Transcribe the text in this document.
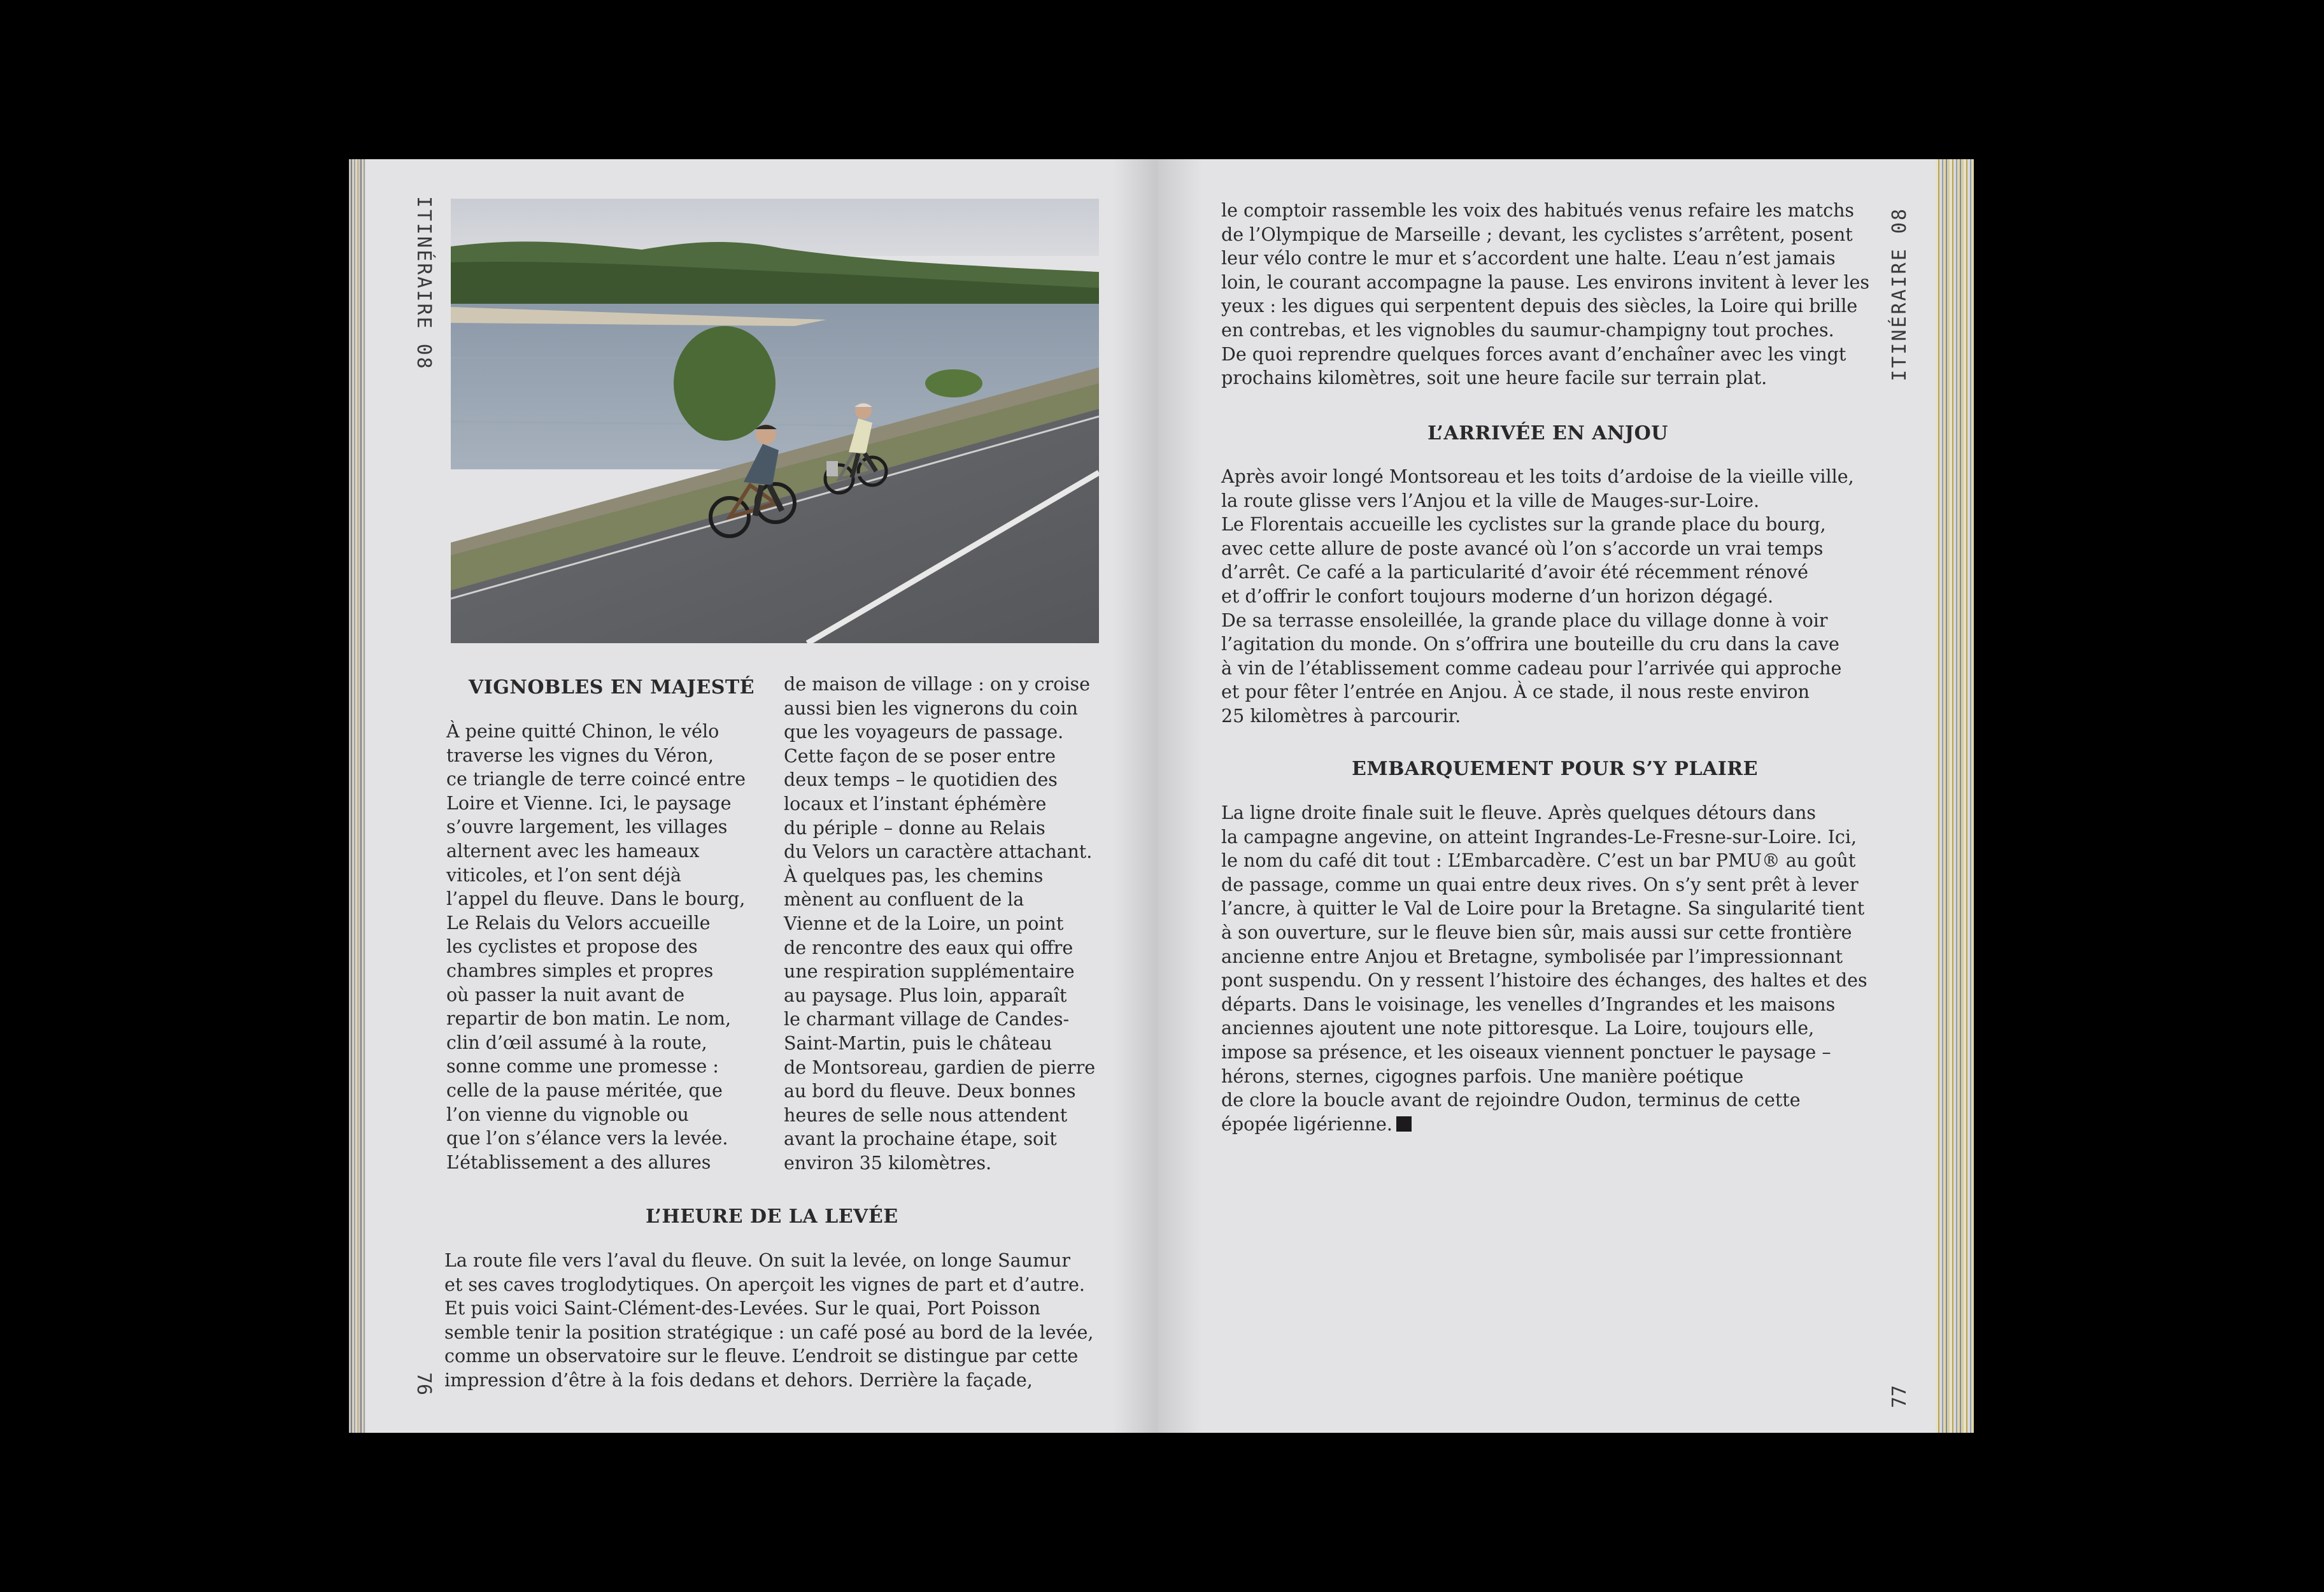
ITINÉRAIRE 08
76
VIGNOBLES EN MAJESTÉ
À peine quitté Chinon, le vélo
traverse les vignes du Véron,
ce triangle de terre coincé entre
Loire et Vienne. Ici, le paysage
s’ouvre largement, les villages
alternent avec les hameaux
viticoles, et l’on sent déjà
l’appel du fleuve. Dans le bourg,
Le Relais du Velors accueille
les cyclistes et propose des
chambres simples et propres
où passer la nuit avant de
repartir de bon matin. Le nom,
clin d’œil assumé à la route,
sonne comme une promesse :
celle de la pause méritée, que
l’on vienne du vignoble ou
que l’on s’élance vers la levée.
L’établissement a des allures
de maison de village : on y croise
aussi bien les vignerons du coin
que les voyageurs de passage.
Cette façon de se poser entre
deux temps – le quotidien des
locaux et l’instant éphémère
du périple – donne au Relais
du Velors un caractère attachant.
À quelques pas, les chemins
mènent au confluent de la
Vienne et de la Loire, un point
de rencontre des eaux qui offre
une respiration supplémentaire
au paysage. Plus loin, apparaît
le charmant village de Candes-
Saint-Martin, puis le château
de Montsoreau, gardien de pierre
au bord du fleuve. Deux bonnes
heures de selle nous attendent
avant la prochaine étape, soit
environ 35 kilomètres.
L’HEURE DE LA LEVÉE
La route file vers l’aval du fleuve. On suit la levée, on longe Saumur
et ses caves troglodytiques. On aperçoit les vignes de part et d’autre.
Et puis voici Saint-Clément-des-Levées. Sur le quai, Port Poisson
semble tenir la position stratégique : un café posé au bord de la levée,
comme un observatoire sur le fleuve. L’endroit se distingue par cette
impression d’être à la fois dedans et dehors. Derrière la façade,
ITINÉRAIRE 08
77
le comptoir rassemble les voix des habitués venus refaire les matchs
de l’Olympique de Marseille ; devant, les cyclistes s’arrêtent, posent
leur vélo contre le mur et s’accordent une halte. L’eau n’est jamais
loin, le courant accompagne la pause. Les environs invitent à lever les
yeux : les digues qui serpentent depuis des siècles, la Loire qui brille
en contrebas, et les vignobles du saumur-champigny tout proches.
De quoi reprendre quelques forces avant d’enchaîner avec les vingt
prochains kilomètres, soit une heure facile sur terrain plat.
L’ARRIVÉE EN ANJOU
Après avoir longé Montsoreau et les toits d’ardoise de la vieille ville,
la route glisse vers l’Anjou et la ville de Mauges-sur-Loire.
Le Florentais accueille les cyclistes sur la grande place du bourg,
avec cette allure de poste avancé où l’on s’accorde un vrai temps
d’arrêt. Ce café a la particularité d’avoir été récemment rénové
et d’offrir le confort toujours moderne d’un horizon dégagé.
De sa terrasse ensoleillée, la grande place du village donne à voir
l’agitation du monde. On s’offrira une bouteille du cru dans la cave
à vin de l’établissement comme cadeau pour l’arrivée qui approche
et pour fêter l’entrée en Anjou. À ce stade, il nous reste environ
25 kilomètres à parcourir.
EMBARQUEMENT POUR S’Y PLAIRE
La ligne droite finale suit le fleuve. Après quelques détours dans
la campagne angevine, on atteint Ingrandes-Le-Fresne-sur-Loire. Ici,
le nom du café dit tout : L’Embarcadère. C’est un bar PMU® au goût
de passage, comme un quai entre deux rives. On s’y sent prêt à lever
l’ancre, à quitter le Val de Loire pour la Bretagne. Sa singularité tient
à son ouverture, sur le fleuve bien sûr, mais aussi sur cette frontière
ancienne entre Anjou et Bretagne, symbolisée par l’impressionnant
pont suspendu. On y ressent l’histoire des échanges, des haltes et des
départs. Dans le voisinage, les venelles d’Ingrandes et les maisons
anciennes ajoutent une note pittoresque. La Loire, toujours elle,
impose sa présence, et les oiseaux viennent ponctuer le paysage –
hérons, sternes, cigognes parfois. Une manière poétique
de clore la boucle avant de rejoindre Oudon, terminus de cette
épopée ligérienne.
